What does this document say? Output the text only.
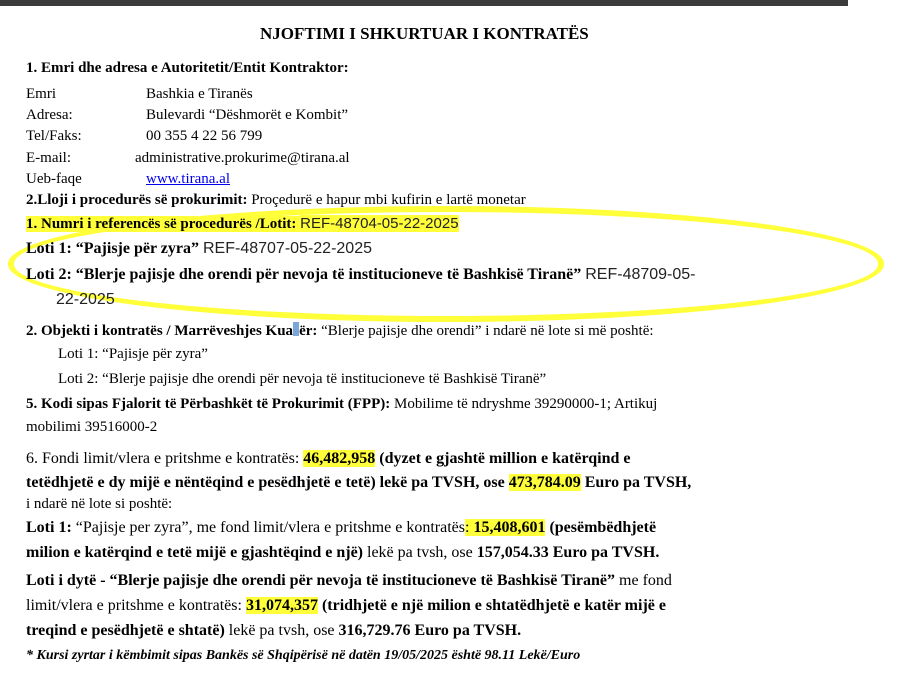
NJOFTIMI I SHKURTUAR I KONTRATËS
1. Emri dhe adresa e Autoritetit/Entit Kontraktor:
Emri	Bashkia e Tiranës
Adresa:	Bulevardi “Dëshmorët e Kombit”
Tel/Faks:	00 355 4 22 56 799
E-mail:	administrative.prokurime@tirana.al
Ueb-faqe	www.tirana.al
2.Lloji i procedurës së prokurimit: Proçedurë e hapur mbi kufirin e lartë monetar
1. Numri i referencës së procedurës /Lotit: REF-48704-05-22-2025
Loti 1: “Pajisje për zyra” REF-48707-05-22-2025
Loti 2: “Blerje pajisje dhe orendi për nevoja të institucioneve të Bashkisë Tiranë” REF-48709-05-
22-2025
2. Objekti i kontratës / Marrëveshjes Kua ër: “Blerje pajisje dhe orendi” i ndarë në lote si më poshtë:
Loti 1: “Pajisje për zyra”
Loti 2: “Blerje pajisje dhe orendi për nevoja të institucioneve të Bashkisë Tiranë”
5. Kodi sipas Fjalorit të Përbashkët të Prokurimit (FPP): Mobilime të ndryshme 39290000-1; Artikuj
mobilimi 39516000-2
6. Fondi limit/vlera e pritshme e kontratës: 46,482,958 (dyzet e gjashtë million e katërqind e
tetëdhjetë e dy mijë e nëntëqind e pesëdhjetë e tetë) lekë pa TVSH, ose 473,784.09 Euro pa TVSH,
i ndarë në lote si poshtë:
Loti 1: “Pajisje per zyra”, me fond limit/vlera e pritshme e kontratës: 15,408,601 (pesëmbëdhjetë
milion e katërqind e tetë mijë e gjashtëqind e një) lekë pa tvsh, ose 157,054.33 Euro pa TVSH.
Loti i dytë - “Blerje pajisje dhe orendi për nevoja të institucioneve të Bashkisë Tiranë” me fond
limit/vlera e pritshme e kontratës: 31,074,357 (tridhjetë e një milion e shtatëdhjetë e katër mijë e
treqind e pesëdhjetë e shtatë) lekë pa tvsh, ose 316,729.76 Euro pa TVSH.
* Kursi zyrtar i këmbimit sipas Bankës së Shqipërisë në datën 19/05/2025 është 98.11 Lekë/Euro
